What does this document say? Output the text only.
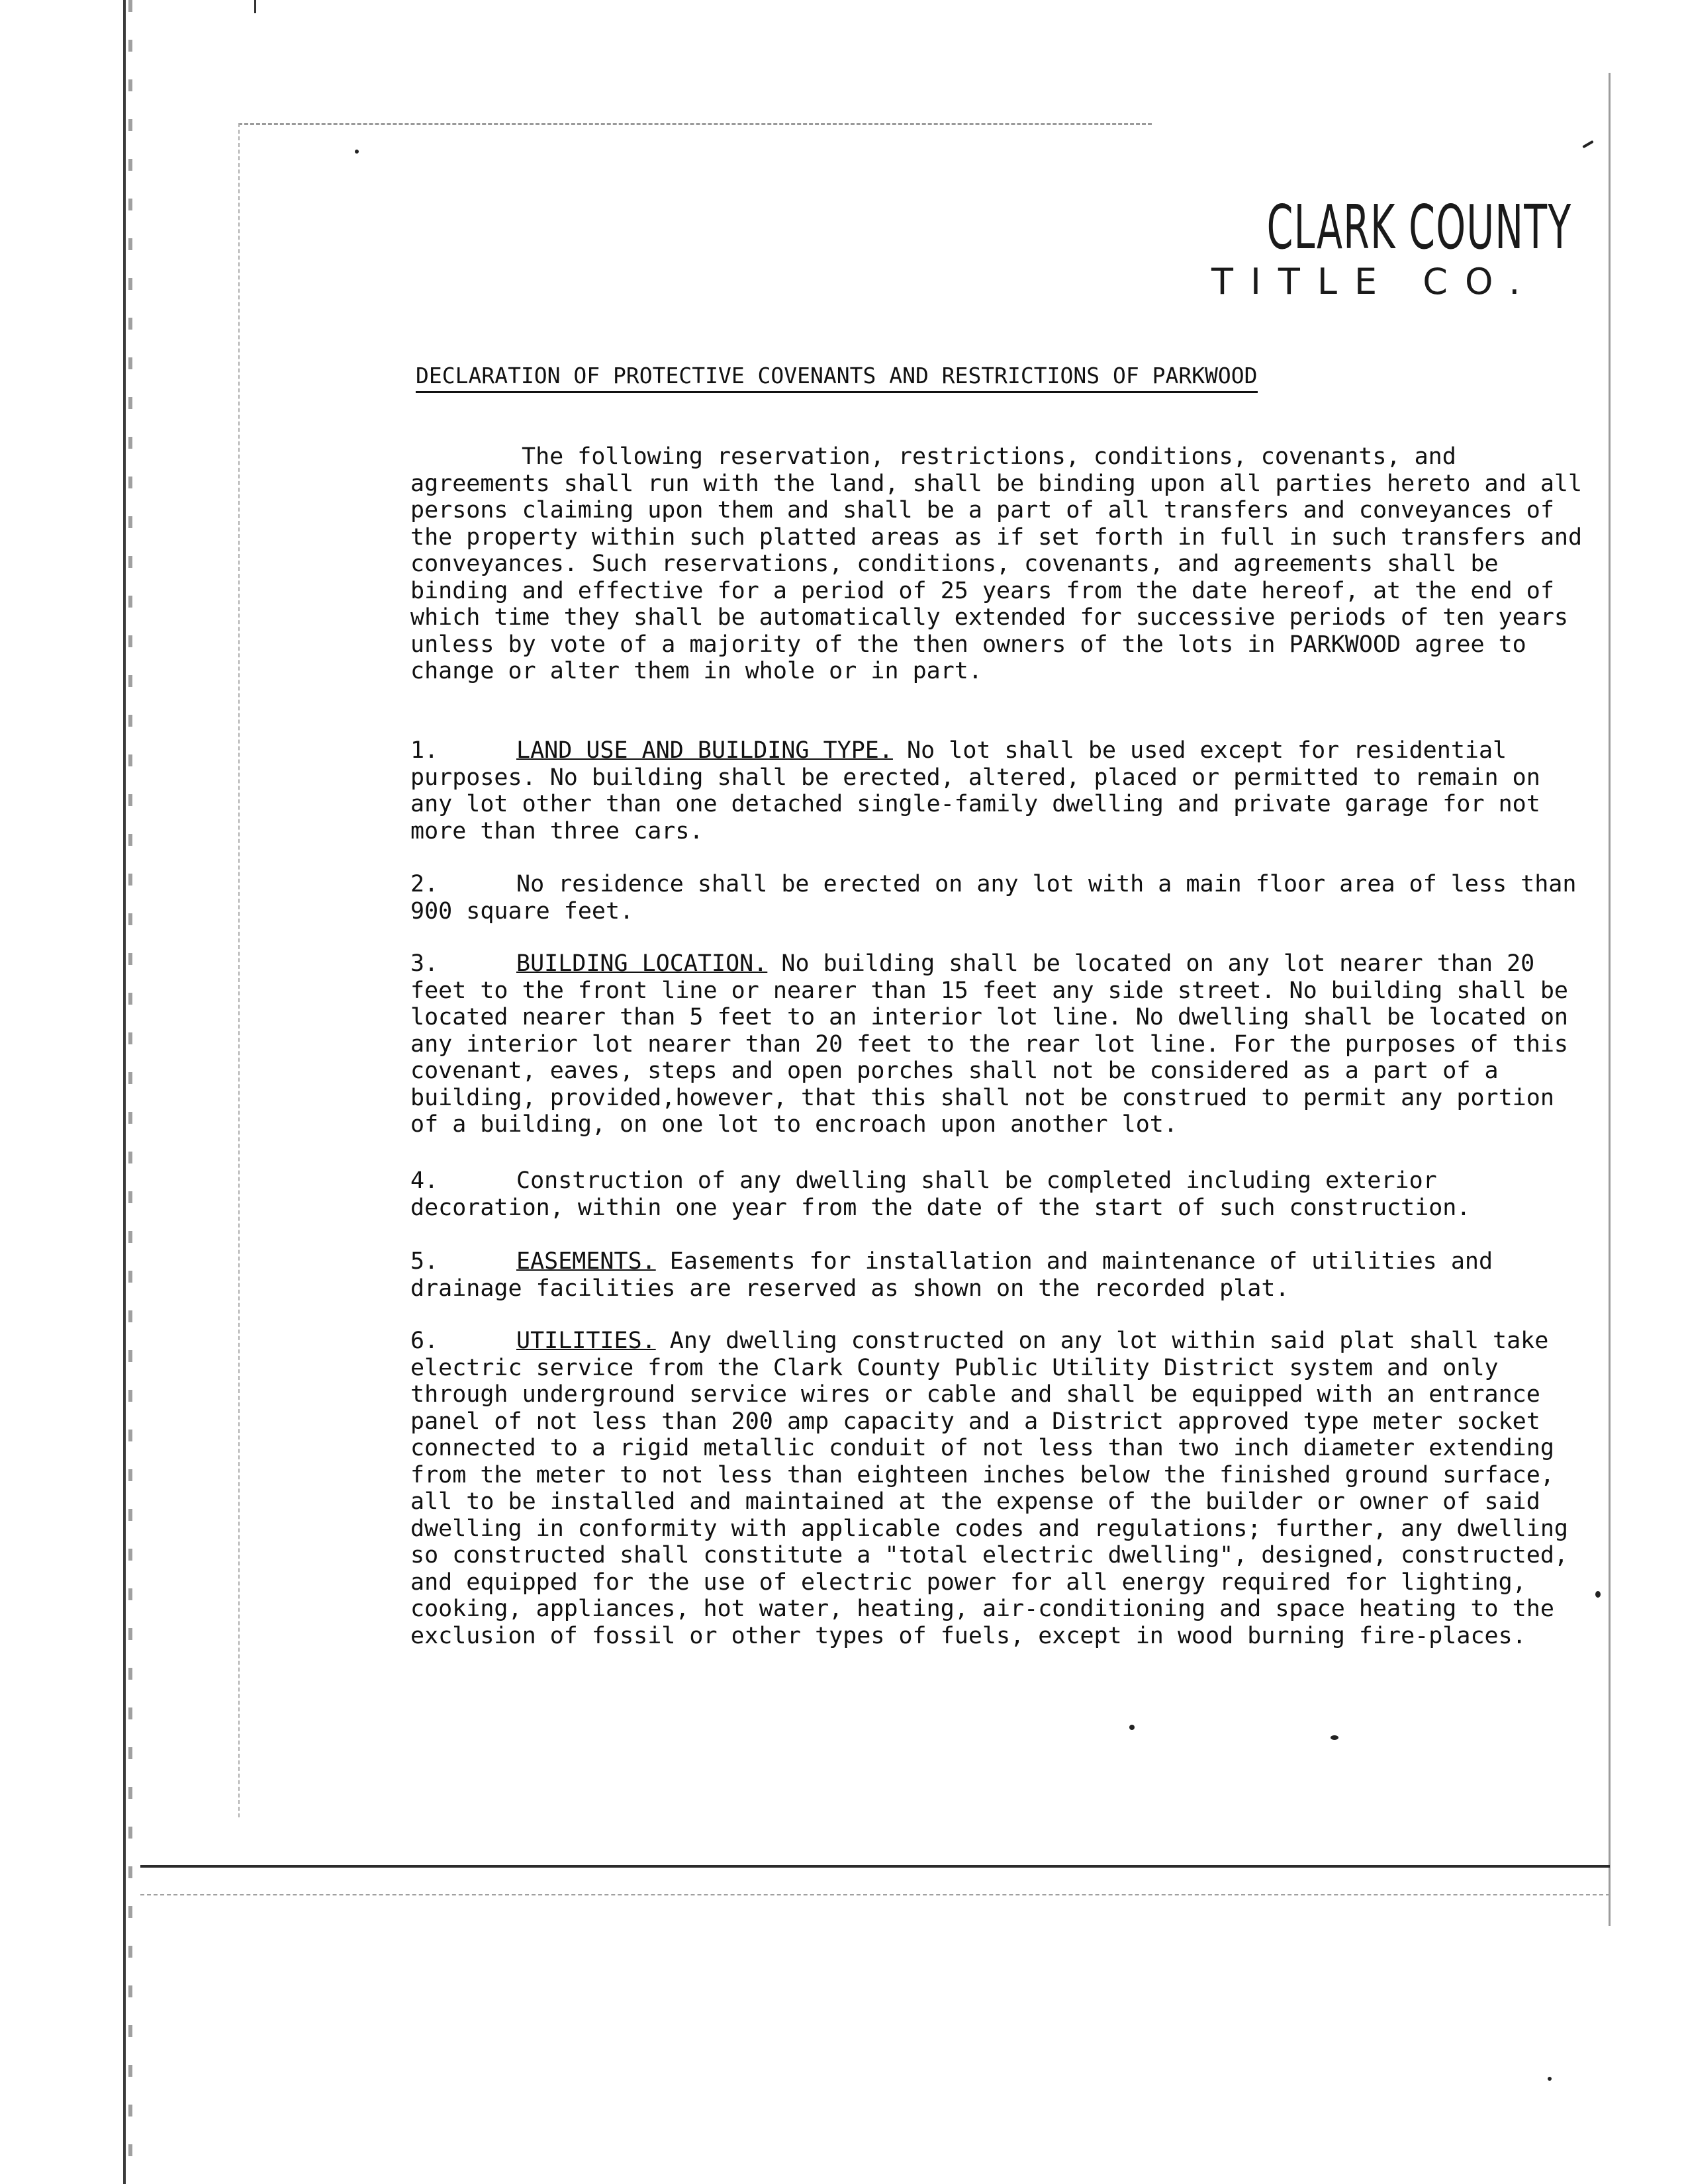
CLARK COUNTY
TITLE CO.
DECLARATION OF PROTECTIVE COVENANTS AND RESTRICTIONS OF PARKWOOD
The following reservation, restrictions, conditions, covenants, and agreements shall run with the land, shall be binding upon all parties hereto and all persons claiming upon them and shall be a part of all transfers and conveyances of the property within such platted areas as if set forth in full in such transfers and conveyances. Such reservations, conditions, covenants, and agreements shall be binding and effective for a period of 25 years from the date hereof, at the end of which time they shall be automatically extended for successive periods of ten years unless by vote of a majority of the then owners of the lots in PARKWOOD agree to change or alter them in whole or in part.
1.	LAND USE AND BUILDING TYPE. No lot shall be used except for residential purposes. No building shall be erected, altered, placed or permitted to remain on any lot other than one detached single-family dwelling and private garage for not more than three cars.
2.	No residence shall be erected on any lot with a main floor area of less than 900 square feet.
3.	BUILDING LOCATION. No building shall be located on any lot nearer than 20 feet to the front line or nearer than 15 feet any side street. No building shall be located nearer than 5 feet to an interior lot line. No dwelling shall be located on any interior lot nearer than 20 feet to the rear lot line. For the purposes of this covenant, eaves, steps and open porches shall not be considered as a part of a building, provided,however, that this shall not be construed to permit any portion of a building, on one lot to encroach upon another lot.
4.	Construction of any dwelling shall be completed including exterior decoration, within one year from the date of the start of such construction.
5.	EASEMENTS. Easements for installation and maintenance of utilities and drainage facilities are reserved as shown on the recorded plat.
6.	UTILITIES. Any dwelling constructed on any lot within said plat shall take electric service from the Clark County Public Utility District system and only through underground service wires or cable and shall be equipped with an entrance panel of not less than 200 amp capacity and a District approved type meter socket connected to a rigid metallic conduit of not less than two inch diameter extending from the meter to not less than eighteen inches below the finished ground surface, all to be installed and maintained at the expense of the builder or owner of said dwelling in conformity with applicable codes and regulations; further, any dwelling so constructed shall constitute a "total electric dwelling", designed, constructed, and equipped for the use of electric power for all energy required for lighting, cooking, appliances, hot water, heating, air-conditioning and space heating to the exclusion of fossil or other types of fuels, except in wood burning fire-places.
